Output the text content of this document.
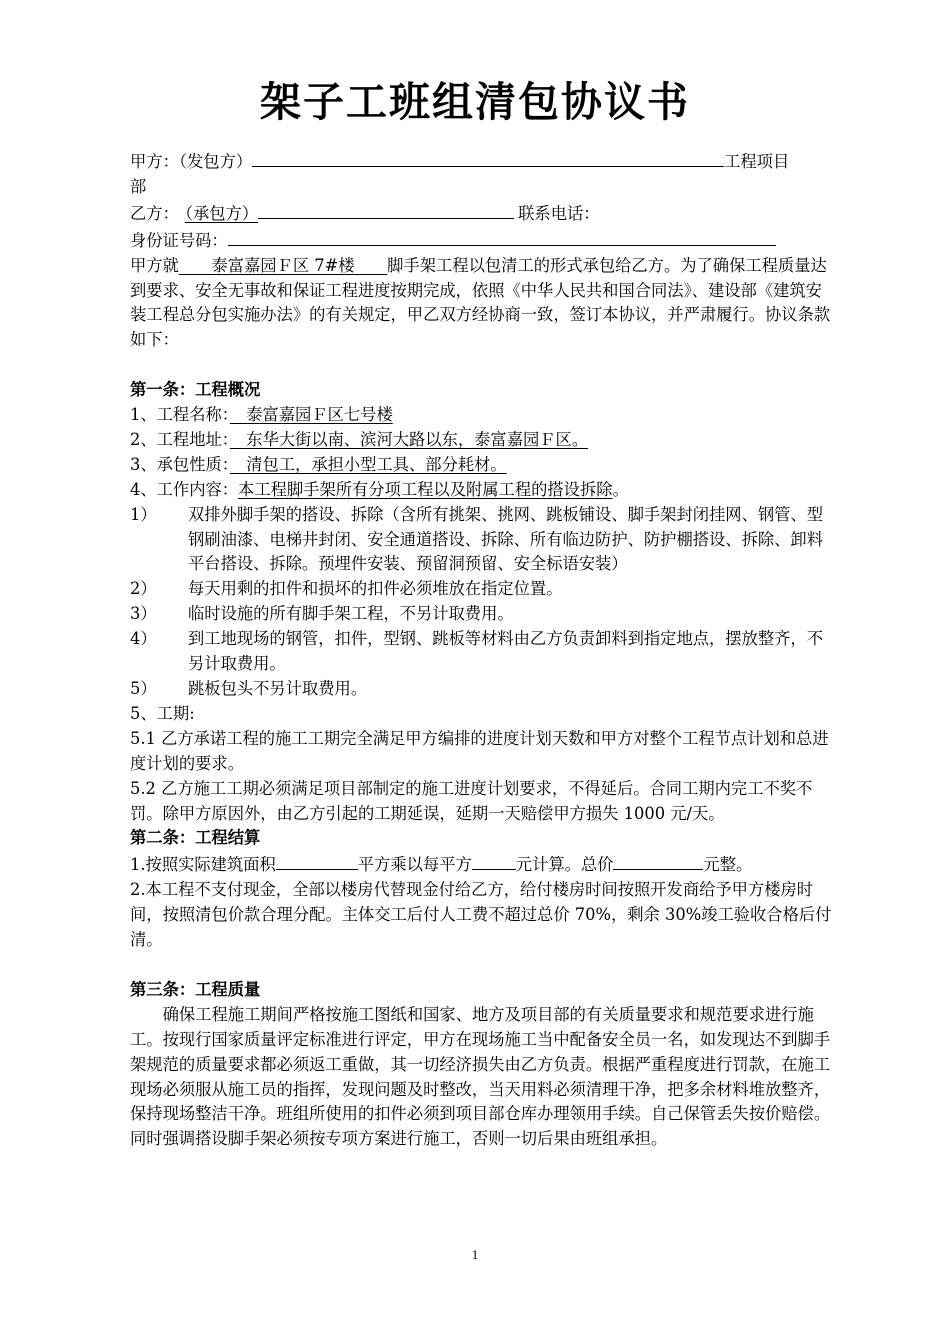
架子工班组清包协议书

甲方：（发包方）	工程项目

部

乙方： （承包方）	联系电话：

身份证号码：

甲方就　　 泰富嘉园Ｆ区 7#楼　　 脚手架工程以包清工的形式承包给乙方。为了确保工程质量达到要求、安全无事故和保证工程进度按期完成，依照《中华人民共和国合同法》、建设部《建筑安装工程总分包实施办法》的有关规定，甲乙双方经协商一致，签订本协议，并严肃履行。协议条款如下：

第一条：工程概况

1、工程名称：　 泰富嘉园Ｆ区七号楼

2、工程地址：　 东华大街以南、滨河大路以东，泰富嘉园Ｆ区。

3、承包性质：　 清包工，承担小型工具、部分耗材。

4、工作内容：本工程脚手架所有分项工程以及附属工程的搭设拆除。

1）	双排外脚手架的搭设、拆除（含所有挑架、挑网、跳板铺设、脚手架封闭挂网、钢管、型钢刷油漆、电梯井封闭、安全通道搭设、拆除、所有临边防护、防护棚搭设、拆除、卸料平台搭设、拆除。预埋件安装、预留洞预留、安全标语安装）
2）	每天用剩的扣件和损坏的扣件必须堆放在指定位置。
3）	临时设施的所有脚手架工程，不另计取费用。
4）	到工地现场的钢管，扣件，型钢、跳板等材料由乙方负责卸料到指定地点，摆放整齐，不另计取费用。
5）	跳板包头不另计取费用。

5、工期:

5.1 乙方承诺工程的施工工期完全满足甲方编排的进度计划天数和甲方对整个工程节点计划和总进度计划的要求。

5.2 乙方施工工期必须满足项目部制定的施工进度计划要求，不得延后。合同工期内完工不奖不罚。除甲方原因外，由乙方引起的工期延误，延期一天赔偿甲方损失 1000 元/天。

第二条：工程结算

1.按照实际建筑面积	平方乘以每平方	元计算。总价	元整。

2.本工程不支付现金，全部以楼房代替现金付给乙方，给付楼房时间按照开发商给予甲方楼房时间，按照清包价款合理分配。主体交工后付人工费不超过总价 70%，剩余 30%竣工验收合格后付清。

第三条：工程质量

确保工程施工期间严格按施工图纸和国家、地方及项目部的有关质量要求和规范要求进行施工。按现行国家质量评定标准进行评定，甲方在现场施工当中配备安全员一名，如发现达不到脚手架规范的质量要求都必须返工重做，其一切经济损失由乙方负责。根据严重程度进行罚款，在施工现场必须服从施工员的指挥，发现问题及时整改，当天用料必须清理干净，把多余材料堆放整齐，保持现场整洁干净。班组所使用的扣件必须到项目部仓库办理领用手续。自己保管丢失按价赔偿。同时强调搭设脚手架必须按专项方案进行施工，否则一切后果由班组承担。

1
